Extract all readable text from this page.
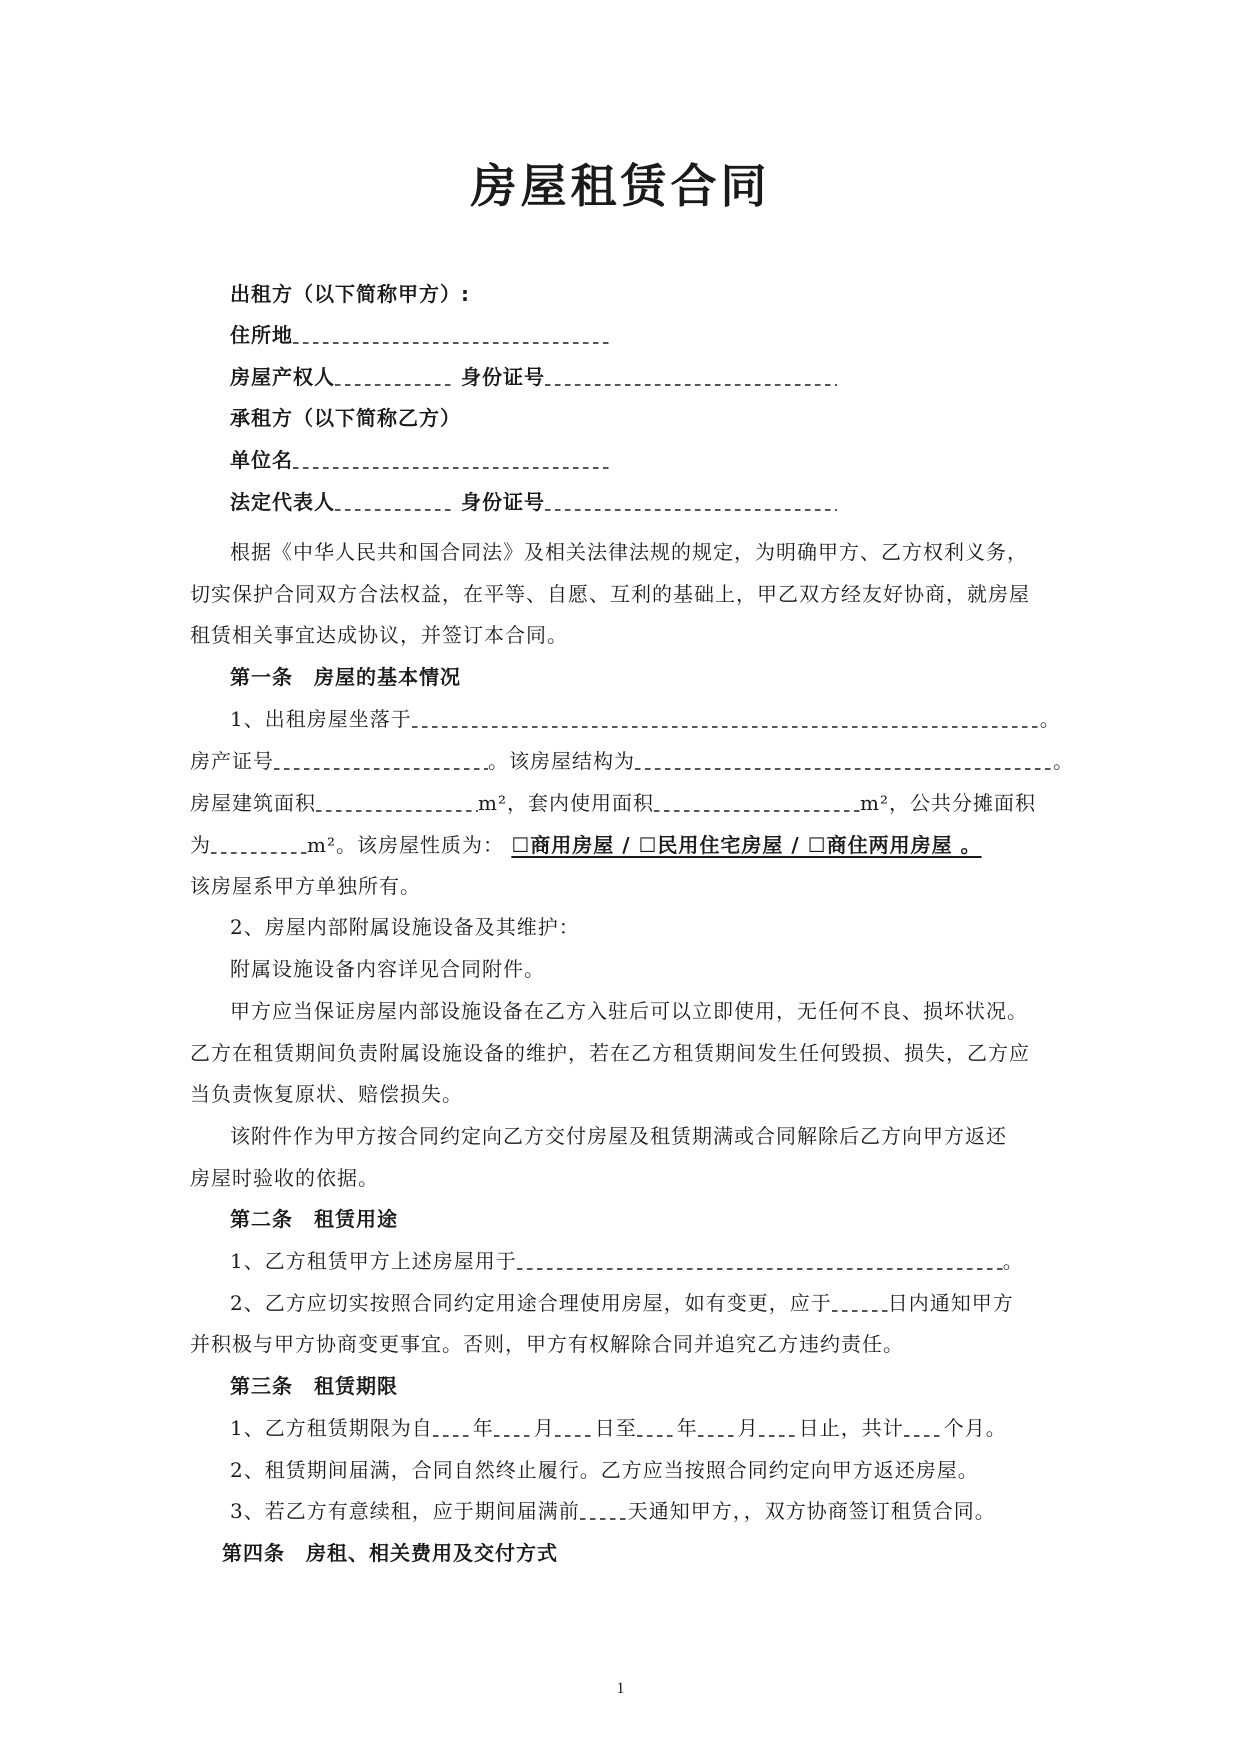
房屋租赁合同
出租方（以下简称甲方）:
住所地
房屋产权人	身份证号
承租方（以下简称乙方）
单位名
法定代表人	身份证号
根据《中华人民共和国合同法》及相关法律法规的规定，为明确甲方、乙方权利义务，
切实保护合同双方合法权益，在平等、自愿、互利的基础上，甲乙双方经友好协商，就房屋
租赁相关事宜达成协议，并签订本合同。
第一条　房屋的基本情况
1、出租房屋坐落于	。
房产证号	。该房屋结构为	。
房屋建筑面积	m²，套内使用面积	m²，公共分摊面积
为	m²。该房屋性质为： ☐商用房屋 / ☐民用住宅房屋 / ☐商住两用房屋 。
该房屋系甲方单独所有。
2、房屋内部附属设施设备及其维护：
附属设施设备内容详见合同附件。
甲方应当保证房屋内部设施设备在乙方入驻后可以立即使用，无任何不良、损坏状况。
乙方在租赁期间负责附属设施设备的维护，若在乙方租赁期间发生任何毁损、损失，乙方应
当负责恢复原状、赔偿损失。
该附件作为甲方按合同约定向乙方交付房屋及租赁期满或合同解除后乙方向甲方返还
房屋时验收的依据。
第二条　租赁用途
1、乙方租赁甲方上述房屋用于	。
2、乙方应切实按照合同约定用途合理使用房屋，如有变更，应于	日内通知甲方
并积极与甲方协商变更事宜。否则，甲方有权解除合同并追究乙方违约责任。
第三条　租赁期限
1、乙方租赁期限为自 年 月 日至 年 月 日止，共计 个月。
2、租赁期间届满，合同自然终止履行。乙方应当按照合同约定向甲方返还房屋。
3、若乙方有意续租，应于期间届满前 天通知甲方，，双方协商签订租赁合同。
第四条　房租、相关费用及交付方式
1
